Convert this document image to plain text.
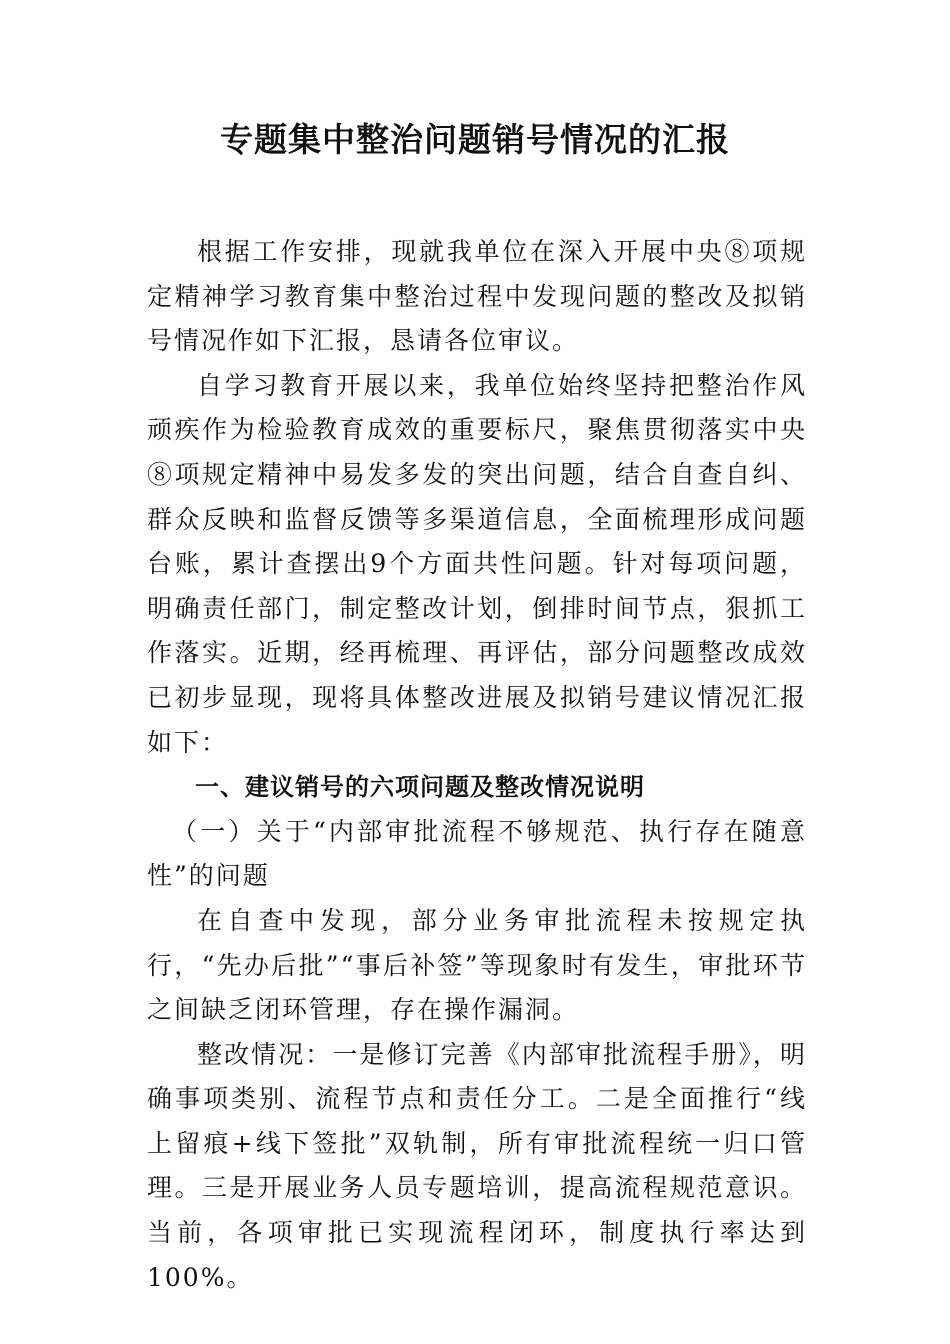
专题集中整治问题销号情况的汇报

根据工作安排，现就我单位在深入开展中央⑧项规定精神学习教育集中整治过程中发现问题的整改及拟销号情况作如下汇报，恳请各位审议。

自学习教育开展以来，我单位始终坚持把整治作风顽疾作为检验教育成效的重要标尺，聚焦贯彻落实中央⑧项规定精神中易发多发的突出问题，结合自查自纠、群众反映和监督反馈等多渠道信息，全面梳理形成问题台账，累计查摆出9个方面共性问题。针对每项问题，明确责任部门，制定整改计划，倒排时间节点，狠抓工作落实。近期，经再梳理、再评估，部分问题整改成效已初步显现，现将具体整改进展及拟销号建议情况汇报如下：

一、建议销号的六项问题及整改情况说明

（一）关于“内部审批流程不够规范、执行存在随意性”的问题

在自查中发现，部分业务审批流程未按规定执行，“先办后批”“事后补签”等现象时有发生，审批环节之间缺乏闭环管理，存在操作漏洞。

整改情况：一是修订完善《内部审批流程手册》，明确事项类别、流程节点和责任分工。二是全面推行“线上留痕+线下签批”双轨制，所有审批流程统一归口管理。三是开展业务人员专题培训，提高流程规范意识。当前，各项审批已实现流程闭环，制度执行率达到100%。
